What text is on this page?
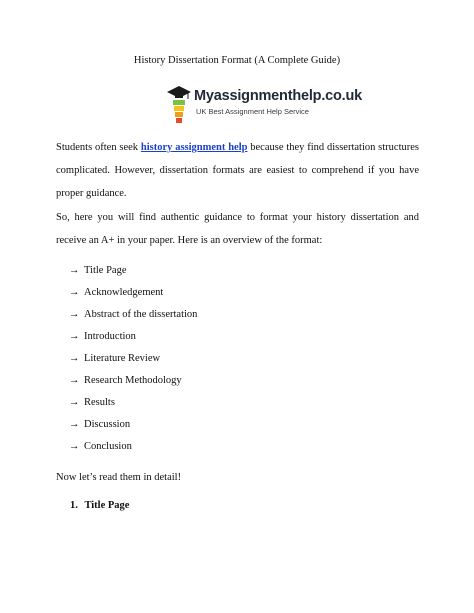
History Dissertation Format (A Complete Guide)
Myassignmenthelp.co.uk
UK Best Assignment Help Service

Students often seek history assignment help because they find dissertation structures complicated. However, dissertation formats are easiest to comprehend if you have proper guidance.

So, here you will find authentic guidance to format your history dissertation and receive an A+ in your paper. Here is an overview of the format:

→ Title Page
→ Acknowledgement
→ Abstract of the dissertation
→ Introduction
→ Literature Review
→ Research Methodology
→ Results
→ Discussion
→ Conclusion

Now let’s read them in detail!

1. Title Page
